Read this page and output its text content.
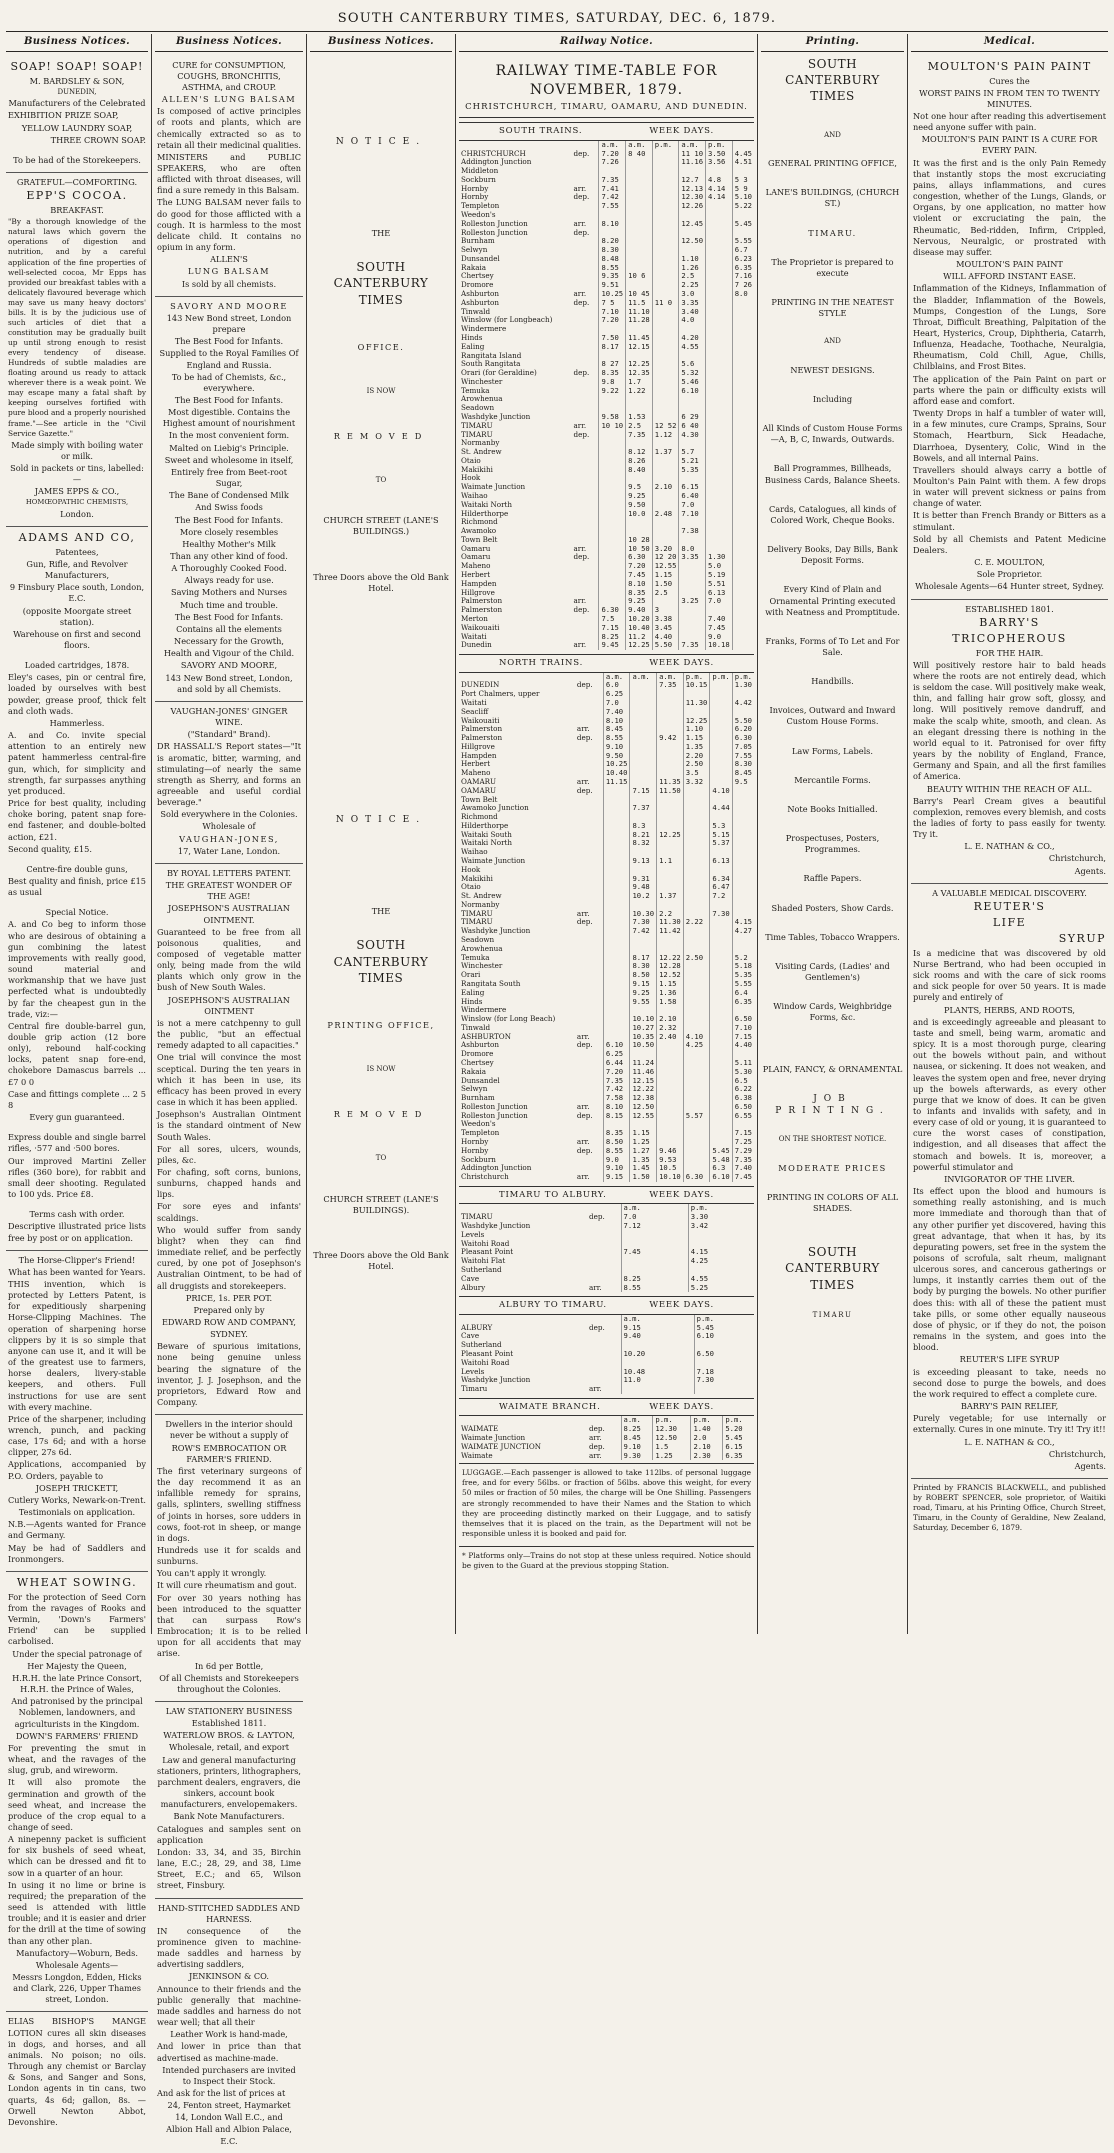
SOUTH CANTERBURY TIMES, SATURDAY, DEC. 6, 1879.
Business Notices.

SOAP! SOAP! SOAP!

M. BARDSLEY & SON,

DUNEDIN,

Manufacturers of the Celebrated

EXHIBITION PRIZE SOAP,

YELLOW LAUNDRY SOAP,

THREE CROWN SOAP.

To be had of the Storekeepers.

GRATEFUL—COMFORTING.

EPP'S COCOA.

BREAKFAST.

"By a thorough knowledge of the natural laws which govern the operations of digestion and nutrition, and by a careful application of the fine properties of well-selected cocoa, Mr Epps has provided our breakfast tables with a delicately flavoured beverage which may save us many heavy doctors' bills. It is by the judicious use of such articles of diet that a constitution may be gradually built up until strong enough to resist every tendency of disease. Hundreds of subtle maladies are floating around us ready to attack wherever there is a weak point. We may escape many a fatal shaft by keeping ourselves fortified with pure blood and a properly nourished frame."—See article in the "Civil Service Gazette."

Made simply with boiling water or milk.

Sold in packets or tins, labelled:—

JAMES EPPS & CO.,

HOMŒOPATHIC CHEMISTS,

London.

ADAMS AND CO,

Patentees,

Gun, Rifle, and Revolver Manufacturers,

9 Finsbury Place south, London, E.C.

(opposite Moorgate street station).

Warehouse on first and second floors.

Loaded cartridges, 1878.

Eley's cases, pin or central fire, loaded by ourselves with best powder, grease proof, thick felt and cloth wads.

Hammerless.

A. and Co. invite special attention to an entirely new patent hammerless central-fire gun, which, for simplicity and strength, far surpasses anything yet produced.

Price for best quality, including choke boring, patent snap fore-end fastener, and double-bolted action, £21.

Second quality, £15.

Centre-fire double guns,

Best quality and finish, price £15 as usual

Special Notice.

A. and Co beg to inform those who are desirous of obtaining a gun combining the latest improvements with really good, sound material and workmanship that we have just perfected what is undoubtedly by far the cheapest gun in the trade, viz:—

Central fire double-barrel gun, double grip action (12 bore only), rebound half-cocking locks, patent snap fore-end, chokebore Damascus barrels ... £7 0 0

Case and fittings complete ... 2 5 8

Every gun guaranteed.

Express double and single barrel rifles, ·577 and ·500 bores.

Our improved Martini Zeller rifles (360 bore), for rabbit and small deer shooting. Regulated to 100 yds. Price £8.

Terms cash with order.

Descriptive illustrated price lists free by post or on application.

The Horse-Clipper's Friend!

What has been wanted for Years.

THIS invention, which is protected by Letters Patent, is for expeditiously sharpening Horse-Clipping Machines. The operation of sharpening horse clippers by it is so simple that anyone can use it, and it will be of the greatest use to farmers, horse dealers, livery-stable keepers, and others. Full instructions for use are sent with every machine.

Price of the sharpener, including wrench, punch, and packing case, 17s 6d; and with a horse clipper, 27s 6d.

Applications, accompanied by P.O. Orders, payable to

JOSEPH TRICKETT,

Cutlery Works, Newark-on-Trent.

Testimonials on application.

N.B.—Agents wanted for France and Germany.

May be had of Saddlers and Ironmongers.

WHEAT SOWING.

For the protection of Seed Corn from the ravages of Rooks and Vermin, 'Down's Farmers' Friend' can be supplied carbolised.

Under the special patronage of

Her Majesty the Queen,

H.R.H. the late Prince Consort, H.R.H. the Prince of Wales,

And patronised by the principal Noblemen, landowners, and agriculturists in the Kingdom.

DOWN'S FARMERS' FRIEND

For preventing the smut in wheat, and the ravages of the slug, grub, and wireworm.

It will also promote the germination and growth of the seed wheat, and increase the produce of the crop equal to a change of seed.

A ninepenny packet is sufficient for six bushels of seed wheat, which can be dressed and fit to sow in a quarter of an hour.

In using it no lime or brine is required; the preparation of the seed is attended with little trouble; and it is easier and drier for the drill at the time of sowing than any other plan.

Manufactory—Woburn, Beds.

Wholesale Agents—

Messrs Longdon, Edden, Hicks and Clark, 226, Upper Thames street, London.

ELIAS BISHOP'S MANGE LOTION cures all skin diseases in dogs, and horses, and all animals. No poison; no oils. Through any chemist or Barclay & Sons, and Sanger and Sons, London agents in tin cans, two quarts, 4s 6d; gallon, 8s. —Orwell Newton Abbot, Devonshire.

Business Notices.

CURE for CONSUMPTION, COUGHS, BRONCHITIS, ASTHMA, and CROUP.

ALLEN'S LUNG BALSAM

Is composed of active principles of roots and plants, which are chemically extracted so as to retain all their medicinal qualities.

MINISTERS and PUBLIC SPEAKERS, who are often afflicted with throat diseases, will find a sure remedy in this Balsam.

The LUNG BALSAM never fails to do good for those afflicted with a cough. It is harmless to the most delicate child. It contains no opium in any form.

ALLEN'S

LUNG BALSAM

Is sold by all chemists.

SAVORY AND MOORE

143 New Bond street, London prepare

The Best Food for Infants.

Supplied to the Royal Families Of England and Russia.

To be had of Chemists, &c., everywhere.

The Best Food for Infants.

Most digestible. Contains the Highest amount of nourishment

In the most convenient form.

Malted on Liebig's Principle.

Sweet and wholesome in itself,

Entirely free from Beet-root Sugar,

The Bane of Condensed Milk

And Swiss foods

The Best Food for Infants.

More closely resembles

Healthy Mother's Milk

Than any other kind of food.

A Thoroughly Cooked Food.

Always ready for use.

Saving Mothers and Nurses

Much time and trouble.

The Best Food for Infants.

Contains all the elements

Necessary for the Growth,

Health and Vigour of the Child.

SAVORY AND MOORE,

143 New Bond street, London, and sold by all Chemists.

VAUGHAN-JONES' GINGER WINE.

("Standard" Brand).

DR HASSALL'S Report states—"It is aromatic, bitter, warming, and stimulating—of nearly the same strength as Sherry, and forms an agreeable and useful cordial beverage."

Sold everywhere in the Colonies.

Wholesale of

VAUGHAN-JONES,

17, Water Lane, London.

BY ROYAL LETTERS PATENT.

THE GREATEST WONDER OF THE AGE!

JOSEPHSON'S AUSTRALIAN OINTMENT.

Guaranteed to be free from all poisonous qualities, and composed of vegetable matter only, being made from the wild plants which only grow in the bush of New South Wales.

JOSEPHSON'S AUSTRALIAN OINTMENT

is not a mere catchpenny to gull the public, "but an effectual remedy adapted to all capacities."

One trial will convince the most sceptical. During the ten years in which it has been in use, its efficacy has been proved in every case in which it has been applied.

Josephson's Australian Ointment is the standard ointment of New South Wales.

For all sores, ulcers, wounds, piles, &c.

For chafing, soft corns, bunions, sunburns, chapped hands and lips.

For sore eyes and infants' scaldings.

Who would suffer from sandy blight? when they can find immediate relief, and be perfectly cured, by one pot of Josephson's Australian Ointment, to be had of all druggists and storekeepers.

PRICE, 1s. PER POT.

Prepared only by

EDWARD ROW AND COMPANY,

SYDNEY.

Beware of spurious imitations, none being genuine unless bearing the signature of the inventor, J. J. Josephson, and the proprietors, Edward Row and Company.

Dwellers in the interior should never be without a supply of

ROW'S EMBROCATION OR FARMER'S FRIEND.

The first veterinary surgeons of the day recommend it as an infallible remedy for sprains, galls, splinters, swelling stiffness of joints in horses, sore udders in cows, foot-rot in sheep, or mange in dogs.

Hundreds use it for scalds and sunburns.

You can't apply it wrongly.

It will cure rheumatism and gout.

For over 30 years nothing has been introduced to the squatter that can surpass Row's Embrocation; it is to be relied upon for all accidents that may arise.

In 6d per Bottle,

Of all Chemists and Storekeepers throughout the Colonies.

LAW STATIONERY BUSINESS

Established 1811.

WATERLOW BROS. & LAYTON,

Wholesale, retail, and export

Law and general manufacturing stationers, printers, lithographers, parchment dealers, engravers, die sinkers, account book manufacturers, envelopemakers.

Bank Note Manufacturers.

Catalogues and samples sent on application

London: 33, 34, and 35, Birchin lane, E.C.; 28, 29, and 38, Lime Street, E.C.; and 65, Wilson street, Finsbury.

HAND-STITCHED SADDLES AND HARNESS.

IN consequence of the prominence given to machine-made saddles and harness by advertising saddlers,

JENKINSON & CO.

Announce to their friends and the public generally that machine-made saddles and harness do not wear well; that all their

Leather Work is hand-made,

And lower in price than that advertised as machine-made.

Intended purchasers are invited to Inspect their Stock.

And ask for the list of prices at

24, Fenton street, Haymarket

14, London Wall E.C., and

Albion Hall and Albion Palace, E.C.

Business Notices.

NOTICE.

THE

SOUTH CANTERBURY TIMES

OFFICE.

IS NOW

REMOVED

TO

CHURCH STREET (LANE'S BUILDINGS.)

Three Doors above the Old Bank Hotel.

NOTICE.

THE

SOUTH CANTERBURY TIMES

PRINTING OFFICE,

IS NOW

REMOVED

TO

CHURCH STREET (LANE'S BUILDINGS).

Three Doors above the Old Bank Hotel.

Railway Notice.
RAILWAY TIME-TABLE FOR NOVEMBER, 1879.
CHRISTCHURCH, TIMARU, OAMARU, AND DUNEDIN.
SOUTH TRAINS.	WEEK DAYS.
		a.m.	a.m.	p.m.	a.m.	p.m.	
CHRISTCHURCH	dep.	7.20	8 40		11 10	3.50	4.45
Addington Junction		7.26			11.16	3.56	4.51
Middleton							
Sockburn		7.35			12.7	4.8	5 3
Hornby	arr.	7.41			12.13	4.14	5 9
Hornby	dep.	7.42			12.30	4.14	5.10
Templeton		7.55			12.26		5.22
Weedon's							
Rolleston Junction	arr.	8.10			12.45		5.45
Rolleston Junction	dep.						
Burnham		8.20			12.50		5.55
Selwyn		8.30					6.7
Dunsandel		8.48			1.10		6.23
Rakaia		8.55			1.26		6.35
Chertsey		9.35	10 6		2.5		7.16
Dromore		9.51			2.25		7 26
Ashburton	arr.	10.25	10 45		3.0		8.0
Ashburton	dep.	7 5	11.5	11 0	3.35		
Tinwald		7.10	11.10		3.40		
Winslow (for Longbeach)		7.20	11.28		4.0		
Windermere							
Hinds		7.50	11.45		4.20		
Ealing		8.17	12.15		4.55		
Rangitata Island							
South Rangitata		8 27	12.25		5.6		
Orari (for Geraldine)	dep.	8.35	12.35		5.32		
Winchester		9.8	1.7		5.46		
Temuka		9.22	1.22		6.10		
Arowhenua							
Seadown							
Washdyke Junction		9.58	1.53		6 29		
TIMARU	arr.	10 10	2.5	12 52	6 40		
TIMARU	dep.		7.35	1.12	4.30		
Normanby							
St. Andrew			8.12	1.37	5.7		
Otaio			8.26		5.21		
Makikihi			8.40		5.35		
Hook							
Waimate Junction			9.5	2.10	6.15		
Waihao			9.25		6.40		
Waitaki North			9.50		7.0		
Hilderthorpe			10.0	2.48	7.10		
Richmond							
Awamoko					7.38		
Town Belt			10 28				
Oamaru	arr.		10 50	3.20	8.0		
Oamaru	dep.		6.30	12 20	3.35	1.30	
Maheno			7.20	12.55		5.0	
Herbert			7.45	1.15		5.19	
Hampden			8.10	1.50		5.51	
Hillgrove			8.35	2.5		6.13	
Palmerston	arr.		9.25		3.25	7.0	
Palmerston	dep.	6.30	9.40	3			
Merton		7.5	10.20	3.38		7.40	
Waikouaiti		7.15	10.40	3.45		7.45	
Waitati		8.25	11.2	4.40		9.0	
Dunedin	arr.	9.45	12.25	5.50	7.35	10.18	
NORTH TRAINS.	WEEK DAYS.
		a.m.	a.m.	a.m.	p.m.	p.m.	p.m.
DUNEDIN	dep.	6.0		7.35	10.15		1.30
Port Chalmers, upper		6.25					
Waitati		7.0			11.30		4.42
Seacliff		7.40					
Waikouaiti		8.10			12.25		5.50
Palmerston	arr.	8.45			1.10		6.20
Palmerston	dep.	8.55		9.42	1.15		6.30
Hillgrove		9.10			1.35		7.05
Hampden		9.50			2.20		7.55
Herbert		10.25			2.50		8.30
Maheno		10.40			3.5		8.45
OAMARU	arr.	11.15		11.35	3.32		9.5
OAMARU	dep.		7.15	11.50		4.10	
Town Belt							
Awamoko Junction			7.37			4.44	
Richmond							
Hilderthorpe			8.3			5.3	
Waitaki South			8.21	12.25		5.15	
Waitaki North			8.32			5.37	
Waihao							
Waimate Junction			9.13	1.1		6.13	
Hook							
Makikihi			9.31			6.34	
Otaio			9.48			6.47	
St. Andrew			10.2	1.37		7.2	
Normanby							
TIMARU	arr.		10.30	2.2		7.30	
TIMARU	dep.		7.30	11.30	2.22		4.15
Washdyke Junction			7.42	11.42			4.27
Seadown							
Arowhenua							
Temuka			8.17	12.22	2.50		5.2
Winchester			8.30	12.28			5.18
Orari			8.50	12.52			5.35
Rangitata South			9.15	1.15			5.55
Ealing			9.25	1.36			6.4
Hinds			9.55	1.58			6.35
Windermere							
Winslow (for Long Beach)			10.10	2.10			6.50
Tinwald			10.27	2.32			7.10
ASHBURTON	arr.		10.35	2.40	4.10		7.15
Ashburton	dep.	6.10	10.50		4.25		4.40
Dromore		6.25					
Chertsey		6.44	11.24				5.11
Rakaia		7.20	11.46				5.30
Dunsandel		7.35	12.15				6.5
Selwyn		7.42	12.22				6.22
Burnham		7.58	12.38				6.38
Rolleston Junction	arr.	8.10	12.50				6.50
Rolleston Junction	dep.	8.15	12.55		5.57		6.55
Weedon's							
Templeton		8.35	1.15				7.15
Hornby	arr.	8.50	1.25				7.25
Hornby	dep.	8.55	1.27	9.46		5.45	7.29
Sockburn		9.0	1.35	9.53		5.48	7.35
Addington Junction		9.10	1.45	10.5		6.3	7.40
Christchurch	arr.	9.15	1.50	10.10	6.30	6.10	7.45
TIMARU TO ALBURY.	WEEK DAYS.
		a.m.	p.m.
TIMARU	dep.	7.0	3.30
Washdyke Junction		7.12	3.42
Levels			
Waitohi Road			
Pleasant Point		7.45	4.15
Waitohi Flat			4.25
Sutherland			
Cave		8.25	4.55
Albury	arr.	8.55	5.25
ALBURY TO TIMARU.	WEEK DAYS.
		a.m.	p.m.
ALBURY	dep.	9.15	5.45
Cave		9.40	6.10
Sutherland			
Pleasant Point		10.20	6.50
Waitohi Road			
Levels		10.48	7.18
Washdyke Junction		11.0	7.30
Timaru	arr.		
WAIMATE BRANCH.	WEEK DAYS.
		a.m.	p.m.	p.m.	p.m.
WAIMATE	dep.	8.25	12.30	1.40	5.20
Waimate Junction	arr.	8.45	12.50	2.0	5.45
WAIMATE JUNCTION	dep.	9.10	1.5	2.10	6.15
Waimate	arr.	9.30	1.25	2.30	6.35
LUGGAGE.—Each passenger is allowed to take 112lbs. of personal luggage free, and for every 56lbs. or fraction of 56lbs. above this weight, for every 50 miles or fraction of 50 miles, the charge will be One Shilling. Passengers are strongly recommended to have their Names and the Station to which they are proceeding distinctly marked on their Luggage, and to satisfy themselves that it is placed on the train, as the Department will not be responsible unless it is booked and paid for.
* Platforms only—Trains do not stop at these unless required. Notice should be given to the Guard at the previous stopping Station.
Printing.

SOUTH CANTERBURY TIMES

AND

GENERAL PRINTING OFFICE,

LANE'S BUILDINGS, (CHURCH ST.)

TIMARU.

The Proprietor is prepared to execute

PRINTING IN THE NEATEST STYLE

AND

NEWEST DESIGNS.

Including

All Kinds of Custom House Forms—A, B, C, Inwards, Outwards.

Ball Programmes, Billheads, Business Cards, Balance Sheets.

Cards, Catalogues, all kinds of Colored Work, Cheque Books.

Delivery Books, Day Bills, Bank Deposit Forms.

Every Kind of Plain and Ornamental Printing executed with Neatness and Promptitude.

Franks, Forms of To Let and For Sale.

Handbills.

Invoices, Outward and Inward Custom House Forms.

Law Forms, Labels.

Mercantile Forms.

Note Books Initialled.

Prospectuses, Posters, Programmes.

Raffle Papers.

Shaded Posters, Show Cards.

Time Tables, Tobacco Wrappers.

Visiting Cards, (Ladies' and Gentlemen's)

Window Cards, Weighbridge Forms, &c.

PLAIN, FANCY, & ORNAMENTAL

JOB PRINTING.

ON THE SHORTEST NOTICE.

MODERATE PRICES

PRINTING IN COLORS OF ALL SHADES.

SOUTH CANTERBURY TIMES

TIMARU

Medical.

MOULTON'S PAIN PAINT

Cures the

WORST PAINS IN FROM TEN TO TWENTY MINUTES.

Not one hour after reading this advertisement need anyone suffer with pain.

MOULTON'S PAIN PAINT IS A CURE FOR EVERY PAIN.

It was the first and is the only Pain Remedy that instantly stops the most excruciating pains, allays inflammations, and cures congestion, whether of the Lungs, Glands, or Organs, by one application, no matter how violent or excruciating the pain, the Rheumatic, Bed-ridden, Infirm, Crippled, Nervous, Neuralgic, or prostrated with disease may suffer.

MOULTON'S PAIN PAINT

WILL AFFORD INSTANT EASE.

Inflammation of the Kidneys, Inflammation of the Bladder, Inflammation of the Bowels, Mumps, Congestion of the Lungs, Sore Throat, Difficult Breathing, Palpitation of the Heart, Hysterics, Croup, Diphtheria, Catarrh, Influenza, Headache, Toothache, Neuralgia, Rheumatism, Cold Chill, Ague, Chills, Chilblains, and Frost Bites.

The application of the Pain Paint on part or parts where the pain or difficulty exists will afford ease and comfort.

Twenty Drops in half a tumbler of water will, in a few minutes, cure Cramps, Sprains, Sour Stomach, Heartburn, Sick Headache, Diarrhoea, Dysentery, Colic, Wind in the Bowels, and all internal Pains.

Travellers should always carry a bottle of Moulton's Pain Paint with them. A few drops in water will prevent sickness or pains from change of water.

It is better than French Brandy or Bitters as a stimulant.

Sold by all Chemists and Patent Medicine Dealers.

C. E. MOULTON,

Sole Proprietor.

Wholesale Agents—64 Hunter street, Sydney.

ESTABLISHED 1801.

BARRY'S

TRICOPHEROUS

FOR THE HAIR.

Will positively restore hair to bald heads where the roots are not entirely dead, which is seldom the case. Will positively make weak, thin, and falling hair grow soft, glossy, and long. Will positively remove dandruff, and make the scalp white, smooth, and clean. As an elegant dressing there is nothing in the world equal to it. Patronised for over fifty years by the nobility of England, France, Germany and Spain, and all the first families of America.

BEAUTY WITHIN THE REACH OF ALL.

Barry's Pearl Cream gives a beautiful complexion, removes every blemish, and costs the ladies of forty to pass easily for twenty. Try it.

L. E. NATHAN & CO.,

Christchurch,

Agents.

A VALUABLE MEDICAL DISCOVERY.

REUTER'S

LIFE

SYRUP

Is a medicine that was discovered by old Nurse Bertrand, who had been occupied in sick rooms and with the care of sick rooms and sick people for over 50 years. It is made purely and entirely of

PLANTS, HERBS, AND ROOTS,

and is exceedingly agreeable and pleasant to taste and smell, being warm, aromatic and spicy. It is a most thorough purge, clearing out the bowels without pain, and without nausea, or sickening. It does not weaken, and leaves the system open and free, never drying up the bowels afterwards, as every other purge that we know of does. It can be given to infants and invalids with safety, and in every case of old or young, it is guaranteed to cure the worst cases of constipation, indigestion, and all diseases that affect the stomach and bowels. It is, moreover, a powerful stimulator and

INVIGORATOR OF THE LIVER.

Its effect upon the blood and humours is something really astonishing, and is much more immediate and thorough than that of any other purifier yet discovered, having this great advantage, that when it has, by its depurating powers, set free in the system the poisons of scrofula, salt rheum, malignant ulcerous sores, and cancerous gatherings or lumps, it instantly carries them out of the body by purging the bowels. No other purifier does this: with all of these the patient must take pills, or some other equally nauseous dose of physic, or if they do not, the poison remains in the system, and goes into the blood.

REUTER'S LIFE SYRUP

is exceeding pleasant to take, needs no second dose to purge the bowels, and does the work required to effect a complete cure.

BARRY'S PAIN RELIEF,

Purely vegetable; for use internally or externally. Cures in one minute. Try it! Try it!!

L. E. NATHAN & CO.,

Christchurch,

Agents.

Printed by FRANCIS BLACKWELL, and published by ROBERT SPENCER, sole proprietor, of Waitiki road, Timaru, at his Printing Office, Church Street, Timaru, in the County of Geraldine, New Zealand, Saturday, December 6, 1879.
